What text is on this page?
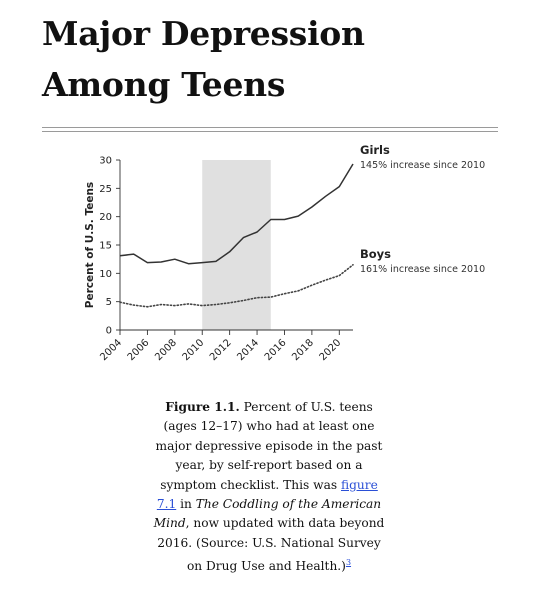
Major Depression
Among Teens
0
5
10
15
20
25
30
2004 2006 2008 2010 2012 2014 2016 2018 2020
Percent of U.S. Teens
Girls
145% increase since 2010
Boys
161% increase since 2010

Figure 1.1. Percent of U.S. teens (ages 12–17) who had at least one major depressive episode in the past year, by self-report based on a symptom checklist. This was figure 7.1 in The Coddling of the American Mind, now updated with data beyond 2016. (Source: U.S. National Survey on Drug Use and Health.)$^3$
